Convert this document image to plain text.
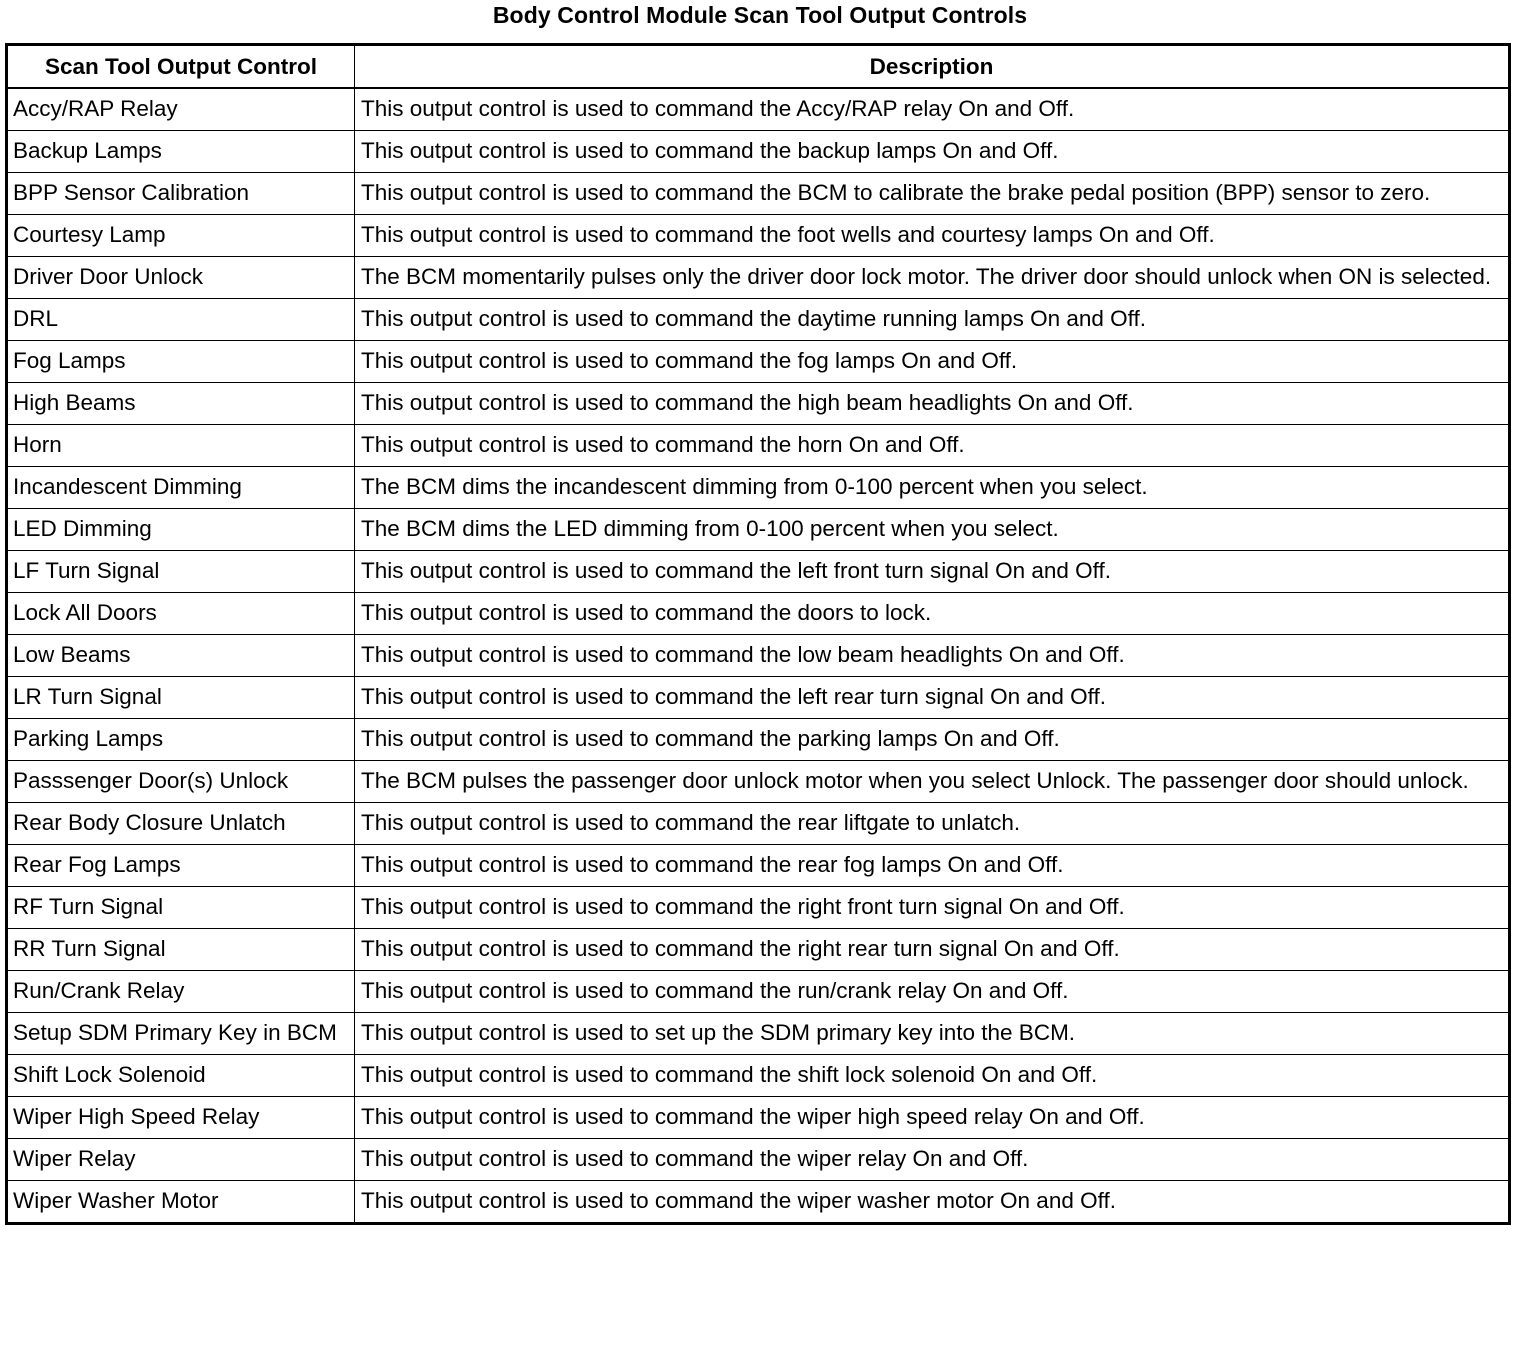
Body Control Module Scan Tool Output Controls
Scan Tool Output Control	Description
Accy/RAP Relay	This output control is used to command the Accy/RAP relay On and Off.
Backup Lamps	This output control is used to command the backup lamps On and Off.
BPP Sensor Calibration	This output control is used to command the BCM to calibrate the brake pedal position (BPP) sensor to zero.
Courtesy Lamp	This output control is used to command the foot wells and courtesy lamps On and Off.
Driver Door Unlock	The BCM momentarily pulses only the driver door lock motor. The driver door should unlock when ON is selected.
DRL	This output control is used to command the daytime running lamps On and Off.
Fog Lamps	This output control is used to command the fog lamps On and Off.
High Beams	This output control is used to command the high beam headlights On and Off.
Horn	This output control is used to command the horn On and Off.
Incandescent Dimming	The BCM dims the incandescent dimming from 0-100 percent when you select.
LED Dimming	The BCM dims the LED dimming from 0-100 percent when you select.
LF Turn Signal	This output control is used to command the left front turn signal On and Off.
Lock All Doors	This output control is used to command the doors to lock.
Low Beams	This output control is used to command the low beam headlights On and Off.
LR Turn Signal	This output control is used to command the left rear turn signal On and Off.
Parking Lamps	This output control is used to command the parking lamps On and Off.
Passsenger Door(s) Unlock	The BCM pulses the passenger door unlock motor when you select Unlock. The passenger door should unlock.
Rear Body Closure Unlatch	This output control is used to command the rear liftgate to unlatch.
Rear Fog Lamps	This output control is used to command the rear fog lamps On and Off.
RF Turn Signal	This output control is used to command the right front turn signal On and Off.
RR Turn Signal	This output control is used to command the right rear turn signal On and Off.
Run/Crank Relay	This output control is used to command the run/crank relay On and Off.
Setup SDM Primary Key in BCM	This output control is used to set up the SDM primary key into the BCM.
Shift Lock Solenoid	This output control is used to command the shift lock solenoid On and Off.
Wiper High Speed Relay	This output control is used to command the wiper high speed relay On and Off.
Wiper Relay	This output control is used to command the wiper relay On and Off.
Wiper Washer Motor	This output control is used to command the wiper washer motor On and Off.
